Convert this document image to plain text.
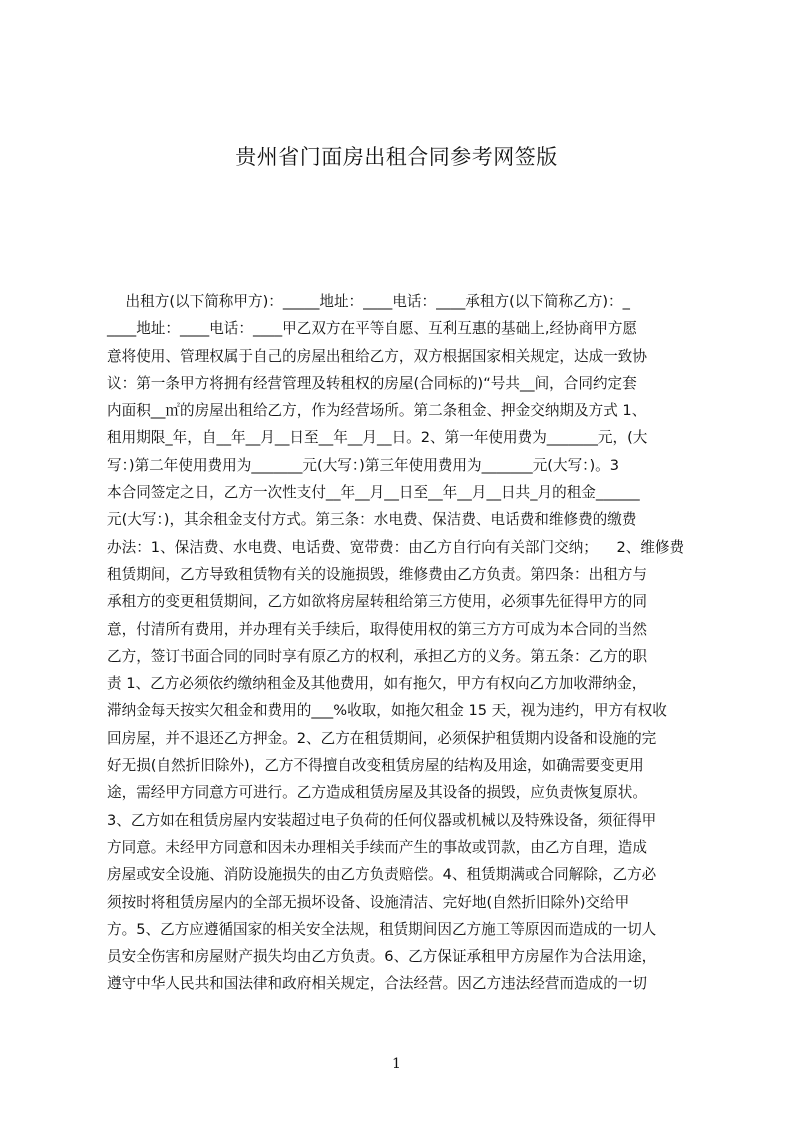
贵州省门面房出租合同参考网签版
出租方(以下简称甲方)：_____地址：____电话：____承租方(以下简称乙方)：_
____地址：____电话：____甲乙双方在平等自愿、互利互惠的基础上,经协商甲方愿
意将使用、管理权属于自己的房屋出租给乙方，双方根据国家相关规定，达成一致协
议：第一条甲方将拥有经营管理及转租权的房屋(合同标的)“号共__间，合同约定套
内面积__㎡的房屋出租给乙方，作为经营场所。第二条租金、押金交纳期及方式 1、
租用期限_年，自__年__月__日至__年__月__日。2、第一年使用费为_______元，(大
写：)第二年使用费用为_______元(大写：)第三年使用费用为_______元(大写：)。3
本合同签定之日，乙方一次性支付__年__月__日至__年__月__日共_月的租金______
元(大写：)，其余租金支付方式。第三条：水电费、保洁费、电话费和维修费的缴费
办法：1、保洁费、水电费、电话费、宽带费：由乙方自行向有关部门交纳；    2、维修费
租赁期间，乙方导致租赁物有关的设施损毁，维修费由乙方负责。第四条：出租方与
承租方的变更租赁期间，乙方如欲将房屋转租给第三方使用，必须事先征得甲方的同
意，付清所有费用，并办理有关手续后，取得使用权的第三方方可成为本合同的当然
乙方，签订书面合同的同时享有原乙方的权利，承担乙方的义务。第五条：乙方的职
责 1、乙方必须依约缴纳租金及其他费用，如有拖欠，甲方有权向乙方加收滞纳金，
滞纳金每天按实欠租金和费用的___%收取，如拖欠租金 15 天，视为违约，甲方有权收
回房屋，并不退还乙方押金。2、乙方在租赁期间，必须保护租赁期内设备和设施的完
好无损(自然折旧除外)，乙方不得擅自改变租赁房屋的结构及用途，如确需要变更用
途，需经甲方同意方可进行。乙方造成租赁房屋及其设备的损毁，应负责恢复原状。
3、乙方如在租赁房屋内安装超过电子负荷的任何仪器或机械以及特殊设备，须征得甲
方同意。未经甲方同意和因未办理相关手续而产生的事故或罚款，由乙方自理，造成
房屋或安全设施、消防设施损失的由乙方负责赔偿。4、租赁期满或合同解除，乙方必
须按时将租赁房屋内的全部无损坏设备、设施清洁、完好地(自然折旧除外)交给甲
方。5、乙方应遵循国家的相关安全法规，租赁期间因乙方施工等原因而造成的一切人
员安全伤害和房屋财产损失均由乙方负责。6、乙方保证承租甲方房屋作为合法用途，
遵守中华人民共和国法律和政府相关规定，合法经营。因乙方违法经营而造成的一切
1
